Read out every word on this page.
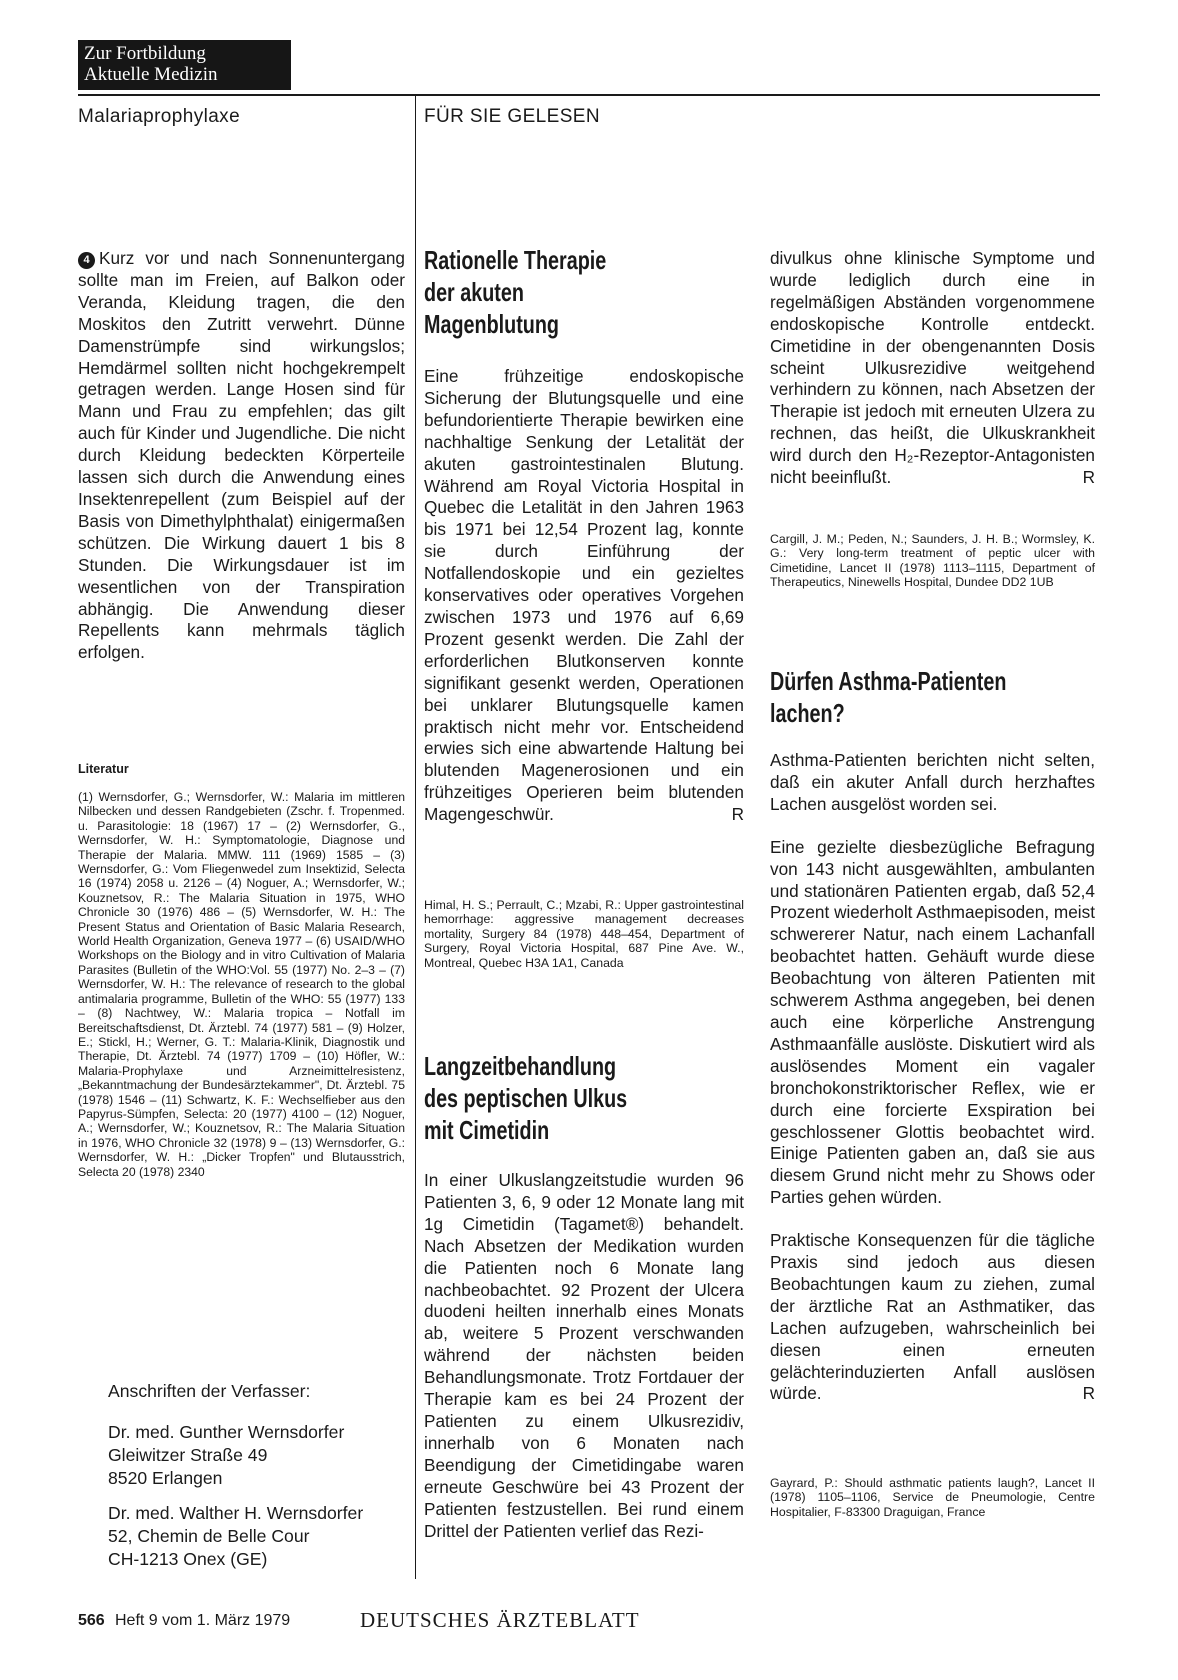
Zur Fortbildung
Aktuelle Medizin
Malariaprophylaxe	FÜR SIE GELESEN
4 Kurz vor und nach Sonnenuntergang sollte man im Freien, auf Balkon oder Veranda, Kleidung tragen, die den Moskitos den Zutritt verwehrt. Dünne Damenstrümpfe sind wirkungslos; Hemdärmel sollten nicht hochgekrempelt getragen werden. Lange Hosen sind für Mann und Frau zu empfehlen; das gilt auch für Kinder und Jugendliche. Die nicht durch Kleidung bedeckten Körperteile lassen sich durch die Anwendung eines Insektenrepellent (zum Beispiel auf der Basis von Dimethylphthalat) einigermaßen schützen. Die Wirkung dauert 1 bis 8 Stunden. Die Wirkungsdauer ist im wesentlichen von der Transpiration abhängig. Die Anwendung dieser Repellents kann mehrmals täglich erfolgen.
Literatur
(1) Wernsdorfer, G.; Wernsdorfer, W.: Malaria im mittleren Nilbecken und dessen Randgebieten (Zschr. f. Tropenmed. u. Parasitologie: 18 (1967) 17 – (2) Wernsdorfer, G., Wernsdorfer, W. H.: Symptomatologie, Diagnose und Therapie der Malaria. MMW. 111 (1969) 1585 – (3) Wernsdorfer, G.: Vom Fliegenwedel zum Insektizid, Selecta 16 (1974) 2058 u. 2126 – (4) Noguer, A.; Wernsdorfer, W.; Kouznetsov, R.: The Malaria Situation in 1975, WHO Chronicle 30 (1976) 486 – (5) Wernsdorfer, W. H.: The Present Status and Orientation of Basic Malaria Research, World Health Organization, Geneva 1977 – (6) USAID/WHO Workshops on the Biology and in vitro Cultivation of Malaria Parasites (Bulletin of the WHO:Vol. 55 (1977) No. 2–3 – (7) Wernsdorfer, W. H.: The relevance of research to the global antimalaria programme, Bulletin of the WHO: 55 (1977) 133 – (8) Nachtwey, W.: Malaria tropica – Notfall im Bereitschaftsdienst, Dt. Ärztebl. 74 (1977) 581 – (9) Holzer, E.; Stickl, H.; Werner, G. T.: Malaria-Klinik, Diagnostik und Therapie, Dt. Ärztebl. 74 (1977) 1709 – (10) Höfler, W.: Malaria-Prophylaxe und Arzneimittelresistenz, „Bekanntmachung der Bundesärztekammer", Dt. Ärztebl. 75 (1978) 1546 – (11) Schwartz, K. F.: Wechselfieber aus den Papyrus-Sümpfen, Selecta: 20 (1977) 4100 – (12) Noguer, A.; Wernsdorfer, W.; Kouznetsov, R.: The Malaria Situation in 1976, WHO Chronicle 32 (1978) 9 – (13) Wernsdorfer, G.: Wernsdorfer, W. H.: „Dicker Tropfen" und Blutausstrich, Selecta 20 (1978) 2340

Anschriften der Verfasser:

Dr. med. Gunther Wernsdorfer

Gleiwitzer Straße 49

8520 Erlangen

Dr. med. Walther H. Wernsdorfer

52, Chemin de Belle Cour

CH-1213 Onex (GE)

Rationelle Therapie
der akuten
Magenblutung
Eine frühzeitige endoskopische Sicherung der Blutungsquelle und eine befundorientierte Therapie bewirken eine nachhaltige Senkung der Letalität der akuten gastrointestinalen Blutung. Während am Royal Victoria Hospital in Quebec die Letalität in den Jahren 1963 bis 1971 bei 12,54 Prozent lag, konnte sie durch Einführung der Notfallendoskopie und ein gezieltes konservatives oder operatives Vorgehen zwischen 1973 und 1976 auf 6,69 Prozent gesenkt werden. Die Zahl der erforderlichen Blutkonserven konnte signifikant gesenkt werden, Operationen bei unklarer Blutungsquelle kamen praktisch nicht mehr vor. Entscheidend erwies sich eine abwartende Haltung bei blutenden Magenerosionen und ein frühzeitiges Operieren beim blutenden Magengeschwür.	R
Himal, H. S.; Perrault, C.; Mzabi, R.: Upper gastrointestinal hemorrhage: aggressive management decreases mortality, Surgery 84 (1978) 448–454, Department of Surgery, Royal Victoria Hospital, 687 Pine Ave. W., Montreal, Quebec H3A 1A1, Canada
Langzeitbehandlung
des peptischen Ulkus
mit Cimetidin
In einer Ulkuslangzeitstudie wurden 96 Patienten 3, 6, 9 oder 12 Monate lang mit 1g Cimetidin (Tagamet®) behandelt. Nach Absetzen der Medikation wurden die Patienten noch 6 Monate lang nachbeobachtet. 92 Prozent der Ulcera duodeni heilten innerhalb eines Monats ab, weitere 5 Prozent verschwanden während der nächsten beiden Behandlungsmonate. Trotz Fortdauer der Therapie kam es bei 24 Prozent der Patienten zu einem Ulkusrezidiv, innerhalb von 6 Monaten nach Beendigung der Cimetidingabe waren erneute Geschwüre bei 43 Prozent der Patienten festzustellen. Bei rund einem Drittel der Patienten verlief das Rezi-
divulkus ohne klinische Symptome und wurde lediglich durch eine in regelmäßigen Abständen vorgenommene endoskopische Kontrolle entdeckt. Cimetidine in der obengenannten Dosis scheint Ulkusrezidive weitgehend verhindern zu können, nach Absetzen der Therapie ist jedoch mit erneuten Ulzera zu rechnen, das heißt, die Ulkuskrankheit wird durch den H₂-Rezeptor-Antagonisten nicht beeinflußt.	R
Cargill, J. M.; Peden, N.; Saunders, J. H. B.; Wormsley, K. G.: Very long-term treatment of peptic ulcer with Cimetidine, Lancet II (1978) 1113–1115, Department of Therapeutics, Ninewells Hospital, Dundee DD2 1UB
Dürfen Asthma-Patienten
lachen?

Asthma-Patienten berichten nicht selten, daß ein akuter Anfall durch herzhaftes Lachen ausgelöst worden sei.

Eine gezielte diesbezügliche Befragung von 143 nicht ausgewählten, ambulanten und stationären Patienten ergab, daß 52,4 Prozent wiederholt Asthmaepisoden, meist schwererer Natur, nach einem Lachanfall beobachtet hatten. Gehäuft wurde diese Beobachtung von älteren Patienten mit schwerem Asthma angegeben, bei denen auch eine körperliche Anstrengung Asthmaanfälle auslöste. Diskutiert wird als auslösendes Moment ein vagaler bronchokonstriktorischer Reflex, wie er durch eine forcierte Exspiration bei geschlossener Glottis beobachtet wird. Einige Patienten gaben an, daß sie aus diesem Grund nicht mehr zu Shows oder Parties gehen würden.

Praktische Konsequenzen für die tägliche Praxis sind jedoch aus diesen Beobachtungen kaum zu ziehen, zumal der ärztliche Rat an Asthmatiker, das Lachen aufzugeben, wahrscheinlich bei diesen einen erneuten gelächterinduzierten Anfall auslösen würde.	R

Gayrard, P.: Should asthmatic patients laugh?, Lancet II (1978) 1105–1106, Service de Pneumologie, Centre Hospitalier, F-83300 Draguigan, France
566 Heft 9 vom 1. März 1979	DEUTSCHES ÄRZTEBLATT
